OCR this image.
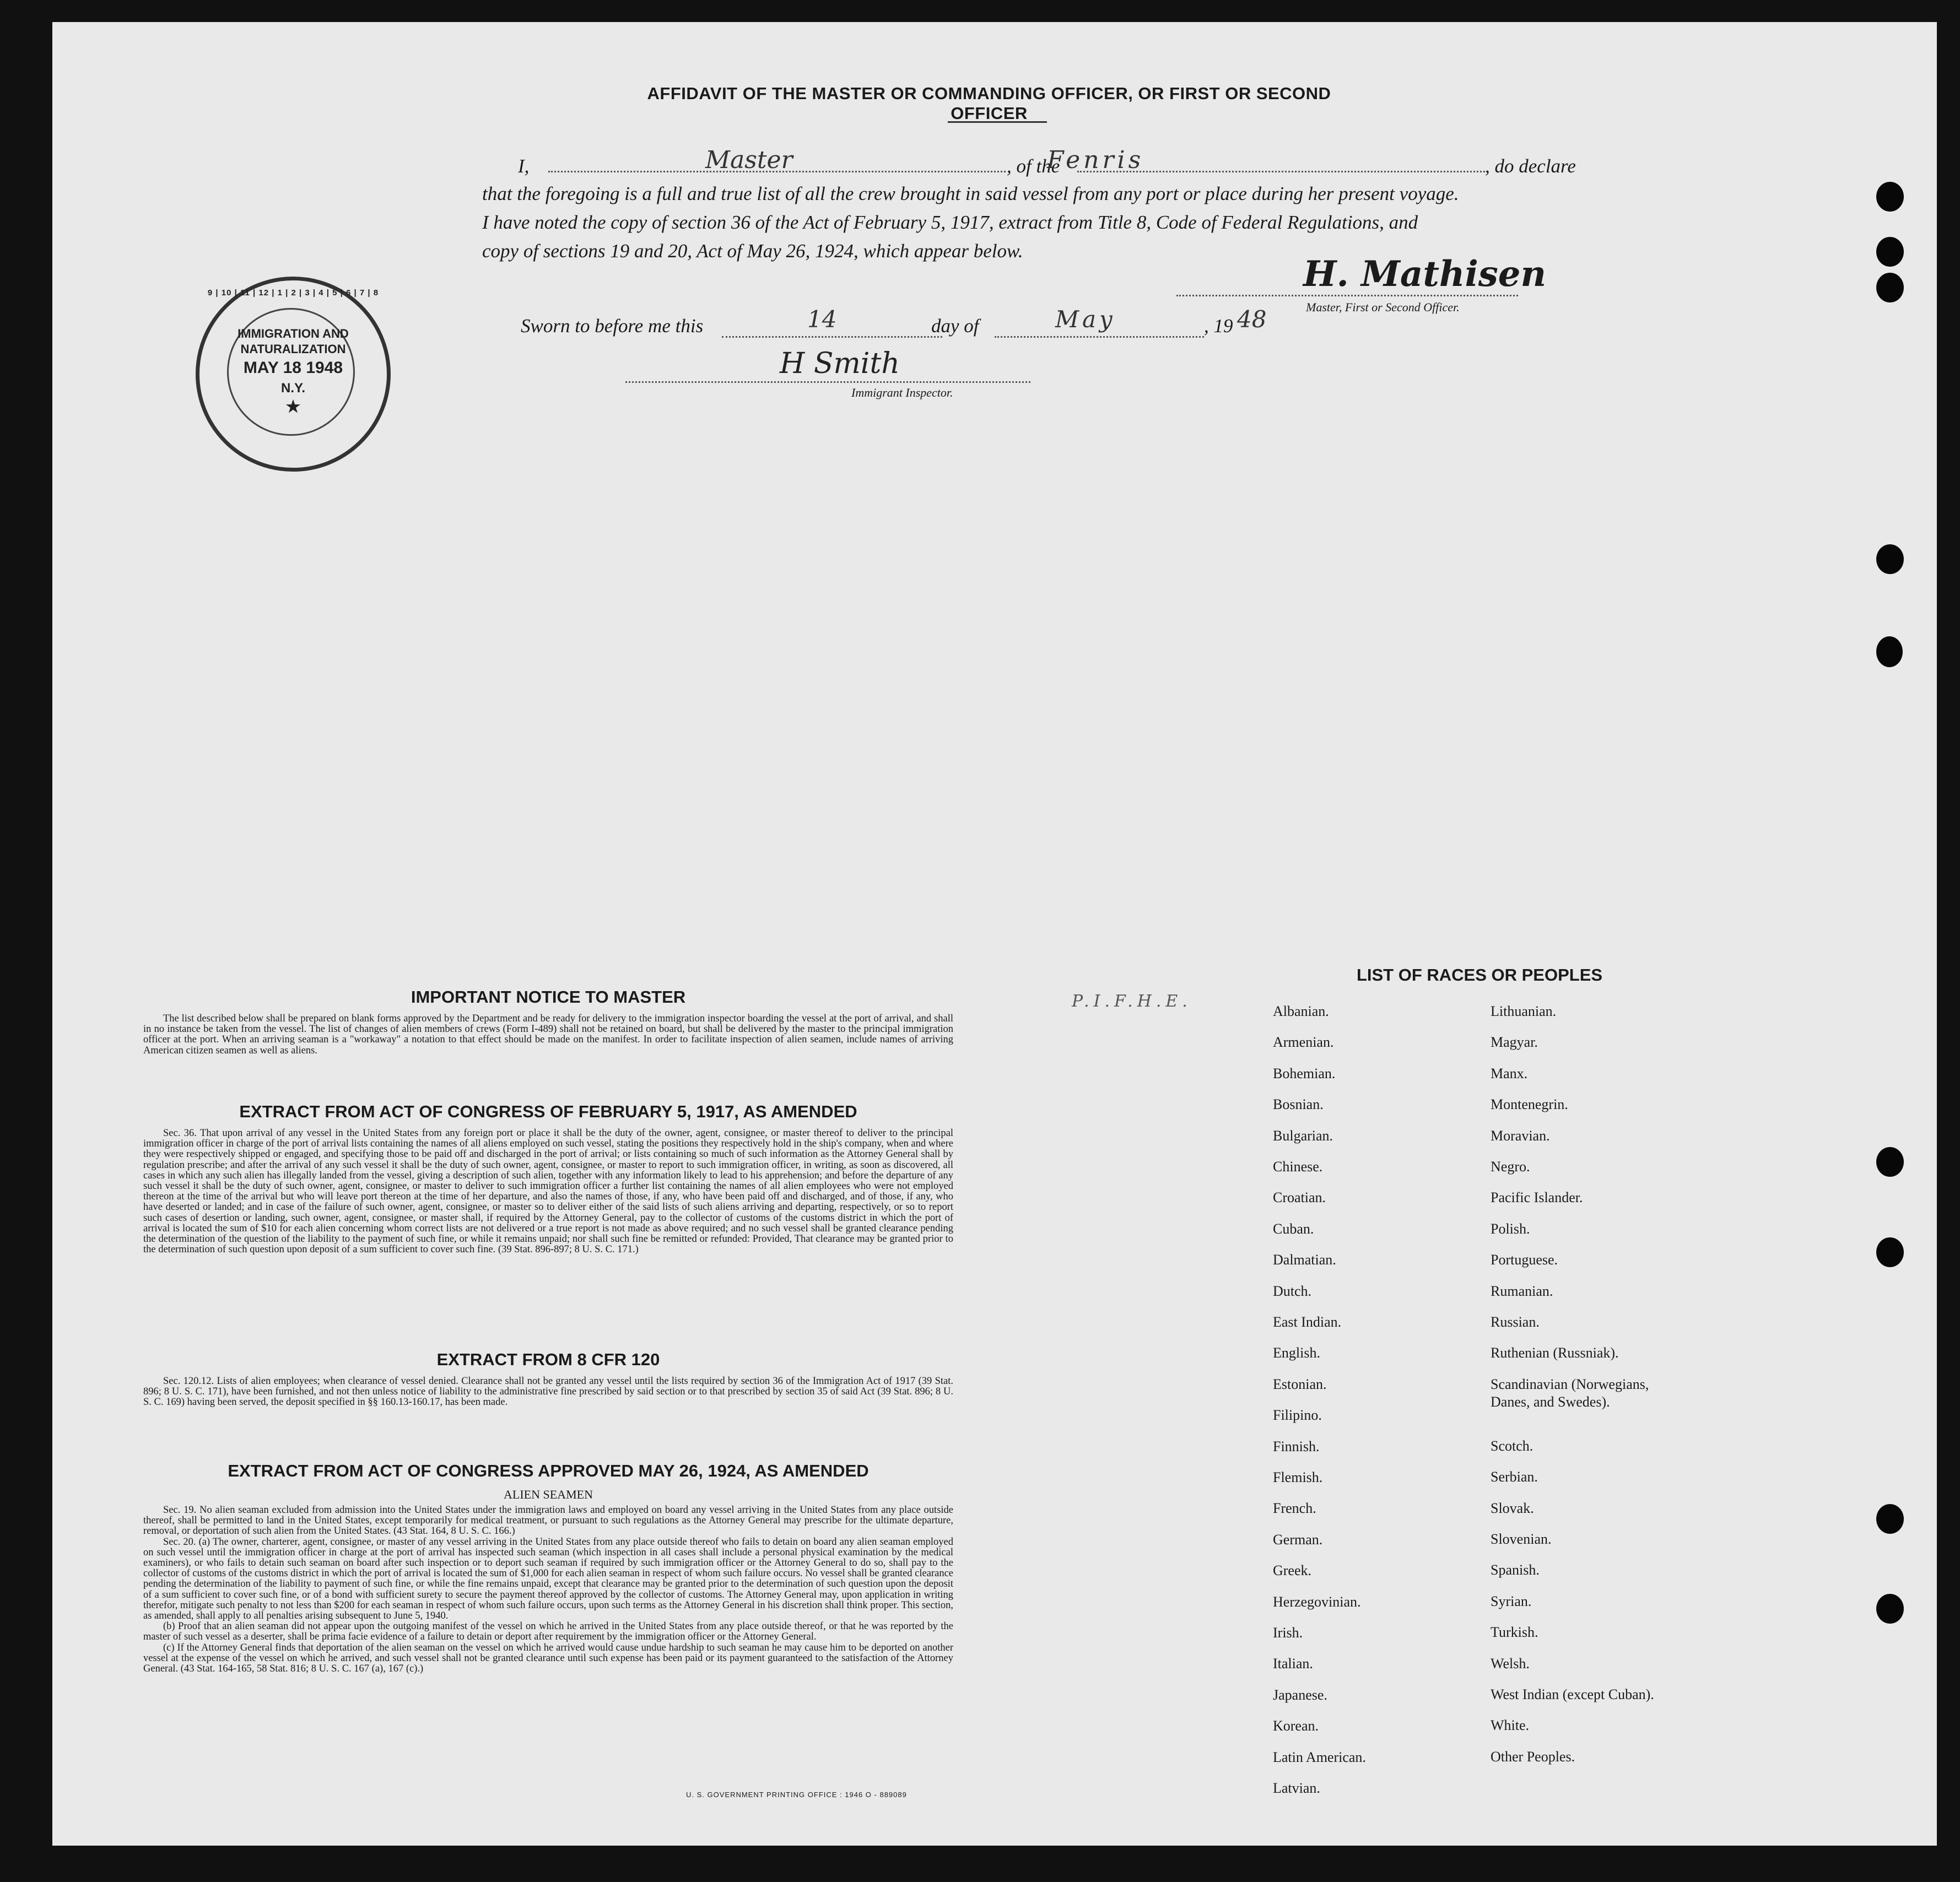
AFFIDAVIT OF THE MASTER OR COMMANDING OFFICER, OR FIRST OR SECOND OFFICER
I,	Master	, of the
Fenris	, do declare
that the foregoing is a full and true list of all the crew brought in said vessel from any port or place during her present voyage.
I have noted the copy of section 36 of the Act of February 5, 1917, extract from Title 8, Code of Federal Regulations, and
copy of sections 19 and 20, Act of May 26, 1924, which appear below.
H. Mathisen
Master, First or Second Officer.
Sworn to before me this	14	day of	May	, 19 48
H Smith
Immigrant Inspector.
IMMIGRATION AND
NATURALIZATION
MAY 18 1948
N.Y.
★
9 | 10 | 11 | 12 | 1 | 2 | 3 | 4 | 5 | 6 | 7 | 8
P.I.F.H.E.
IMPORTANT NOTICE TO MASTER

The list described below shall be prepared on blank forms approved by the Department and be ready for delivery to the immigration inspector boarding the vessel at the port of arrival, and shall in no instance be taken from the vessel. The list of changes of alien members of crews (Form I-489) shall not be retained on board, but shall be delivered by the master to the principal immigration officer at the port. When an arriving seaman is a "workaway" a notation to that effect should be made on the manifest. In order to facilitate inspection of alien seamen, include names of arriving American citizen seamen as well as aliens.

EXTRACT FROM ACT OF CONGRESS OF FEBRUARY 5, 1917, AS AMENDED

Sec. 36. That upon arrival of any vessel in the United States from any foreign port or place it shall be the duty of the owner, agent, consignee, or master thereof to deliver to the principal immigration officer in charge of the port of arrival lists containing the names of all aliens employed on such vessel, stating the positions they respectively hold in the ship's company, when and where they were respectively shipped or engaged, and specifying those to be paid off and discharged in the port of arrival; or lists containing so much of such information as the Attorney General shall by regulation prescribe; and after the arrival of any such vessel it shall be the duty of such owner, agent, consignee, or master to report to such immigration officer, in writing, as soon as discovered, all cases in which any such alien has illegally landed from the vessel, giving a description of such alien, together with any information likely to lead to his apprehension; and before the departure of any such vessel it shall be the duty of such owner, agent, consignee, or master to deliver to such immigration officer a further list containing the names of all alien employees who were not employed thereon at the time of the arrival but who will leave port thereon at the time of her departure, and also the names of those, if any, who have been paid off and discharged, and of those, if any, who have deserted or landed; and in case of the failure of such owner, agent, consignee, or master so to deliver either of the said lists of such aliens arriving and departing, respectively, or so to report such cases of desertion or landing, such owner, agent, consignee, or master shall, if required by the Attorney General, pay to the collector of customs of the customs district in which the port of arrival is located the sum of $10 for each alien concerning whom correct lists are not delivered or a true report is not made as above required; and no such vessel shall be granted clearance pending the determination of the question of the liability to the payment of such fine, or while it remains unpaid; nor shall such fine be remitted or refunded: Provided, That clearance may be granted prior to the determination of such question upon deposit of a sum sufficient to cover such fine. (39 Stat. 896-897; 8 U. S. C. 171.)

EXTRACT FROM 8 CFR 120

Sec. 120.12. Lists of alien employees; when clearance of vessel denied. Clearance shall not be granted any vessel until the lists required by section 36 of the Immigration Act of 1917 (39 Stat. 896; 8 U. S. C. 171), have been furnished, and not then unless notice of liability to the administrative fine prescribed by said section or to that prescribed by section 35 of said Act (39 Stat. 896; 8 U. S. C. 169) having been served, the deposit specified in §§ 160.13-160.17, has been made.

EXTRACT FROM ACT OF CONGRESS APPROVED MAY 26, 1924, AS AMENDED
ALIEN SEAMEN

Sec. 19. No alien seaman excluded from admission into the United States under the immigration laws and employed on board any vessel arriving in the United States from any place outside thereof, shall be permitted to land in the United States, except temporarily for medical treatment, or pursuant to such regulations as the Attorney General may prescribe for the ultimate departure, removal, or deportation of such alien from the United States. (43 Stat. 164, 8 U. S. C. 166.)

Sec. 20. (a) The owner, charterer, agent, consignee, or master of any vessel arriving in the United States from any place outside thereof who fails to detain on board any alien seaman employed on such vessel until the immigration officer in charge at the port of arrival has inspected such seaman (which inspection in all cases shall include a personal physical examination by the medical examiners), or who fails to detain such seaman on board after such inspection or to deport such seaman if required by such immigration officer or the Attorney General to do so, shall pay to the collector of customs of the customs district in which the port of arrival is located the sum of $1,000 for each alien seaman in respect of whom such failure occurs. No vessel shall be granted clearance pending the determination of the liability to payment of such fine, or while the fine remains unpaid, except that clearance may be granted prior to the determination of such question upon the deposit of a sum sufficient to cover such fine, or of a bond with sufficient surety to secure the payment thereof approved by the collector of customs. The Attorney General may, upon application in writing therefor, mitigate such penalty to not less than $200 for each seaman in respect of whom such failure occurs, upon such terms as the Attorney General in his discretion shall think proper. This section, as amended, shall apply to all penalties arising subsequent to June 5, 1940.

(b) Proof that an alien seaman did not appear upon the outgoing manifest of the vessel on which he arrived in the United States from any place outside thereof, or that he was reported by the master of such vessel as a deserter, shall be prima facie evidence of a failure to detain or deport after requirement by the immigration officer or the Attorney General.

(c) If the Attorney General finds that deportation of the alien seaman on the vessel on which he arrived would cause undue hardship to such seaman he may cause him to be deported on another vessel at the expense of the vessel on which he arrived, and such vessel shall not be granted clearance until such expense has been paid or its payment guaranteed to the satisfaction of the Attorney General. (43 Stat. 164-165, 58 Stat. 816; 8 U. S. C. 167 (a), 167 (c).)

U. S. GOVERNMENT PRINTING OFFICE : 1946 O - 889089
LIST OF RACES OR PEOPLES
Albanian.
Armenian.
Bohemian.
Bosnian.
Bulgarian.
Chinese.
Croatian.
Cuban.
Dalmatian.
Dutch.
East Indian.
English.
Estonian.
Filipino.
Finnish.
Flemish.
French.
German.
Greek.
Herzegovinian.
Irish.
Italian.
Japanese.
Korean.
Latin American.
Latvian.
Lithuanian.
Magyar.
Manx.
Montenegrin.
Moravian.
Negro.
Pacific Islander.
Polish.
Portuguese.
Rumanian.
Russian.
Ruthenian (Russniak).
Scandinavian (Norwegians,
Danes, and Swedes).
Scotch.
Serbian.
Slovak.
Slovenian.
Spanish.
Syrian.
Turkish.
Welsh.
West Indian (except Cuban).
White.
Other Peoples.
